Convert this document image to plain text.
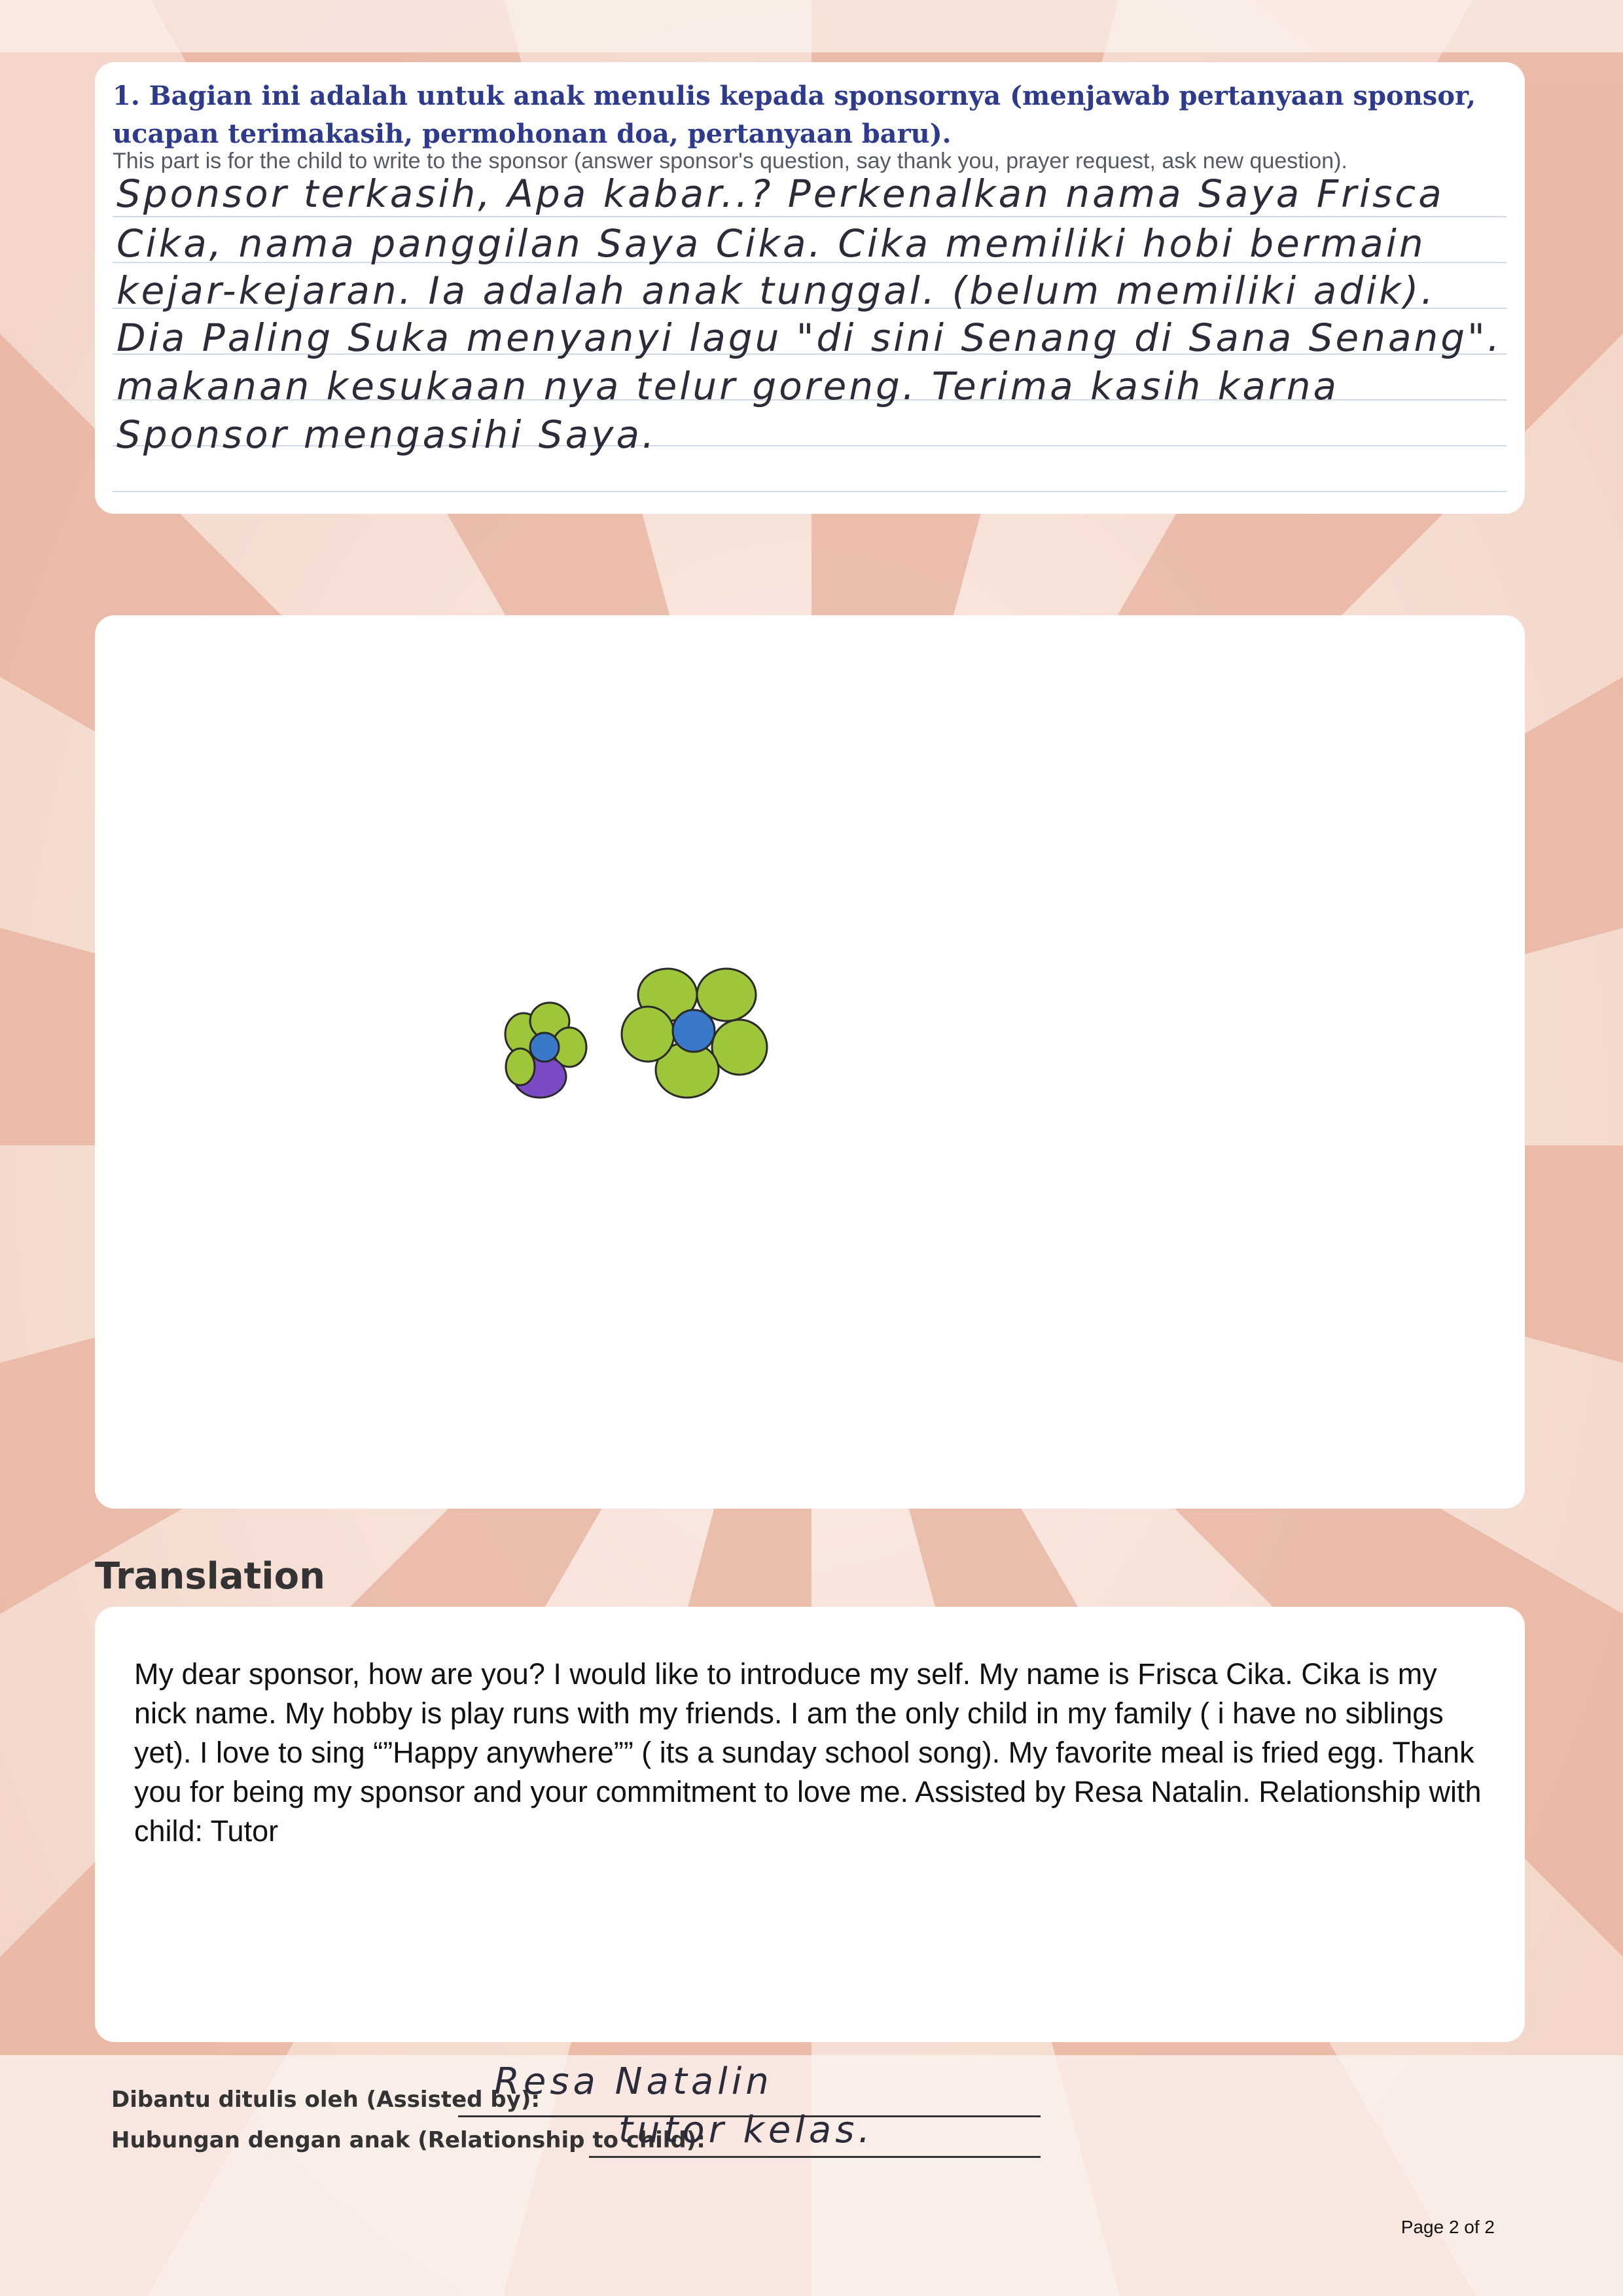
1. Bagian ini adalah untuk anak menulis kepada sponsornya (menjawab pertanyaan sponsor, ucapan terimakasih, permohonan doa, pertanyaan baru).

This part is for the child to write to the sponsor (answer sponsor's question, say thank you, prayer request, ask new question).

Sponsor terkasih, Apa kabar..? Perkenalkan nama Saya Frisca
Cika, nama panggilan Saya Cika. Cika memiliki hobi bermain
kejar-kejaran. Ia adalah anak tunggal. (belum memiliki adik).
Dia Paling Suka menyanyi lagu "di sini Senang di Sana Senang".
makanan kesukaan nya telur goreng. Terima kasih karna
Sponsor mengasihi Saya.
Translation

My dear sponsor, how are you? I would like to introduce my self. My name is Frisca Cika. Cika is my nick name. My hobby is play runs with my friends. I am the only child in my family ( i have no siblings yet). I love to sing “”Happy anywhere”” ( its a sunday school song). My favorite meal is fried egg. Thank you for being my sponsor and your commitment to love me. Assisted by Resa Natalin. Relationship with child: Tutor

Dibantu ditulis oleh (Assisted by):
Resa Natalin
Hubungan dengan anak (Relationship to child):
tutor kelas.
Page 2 of 2
